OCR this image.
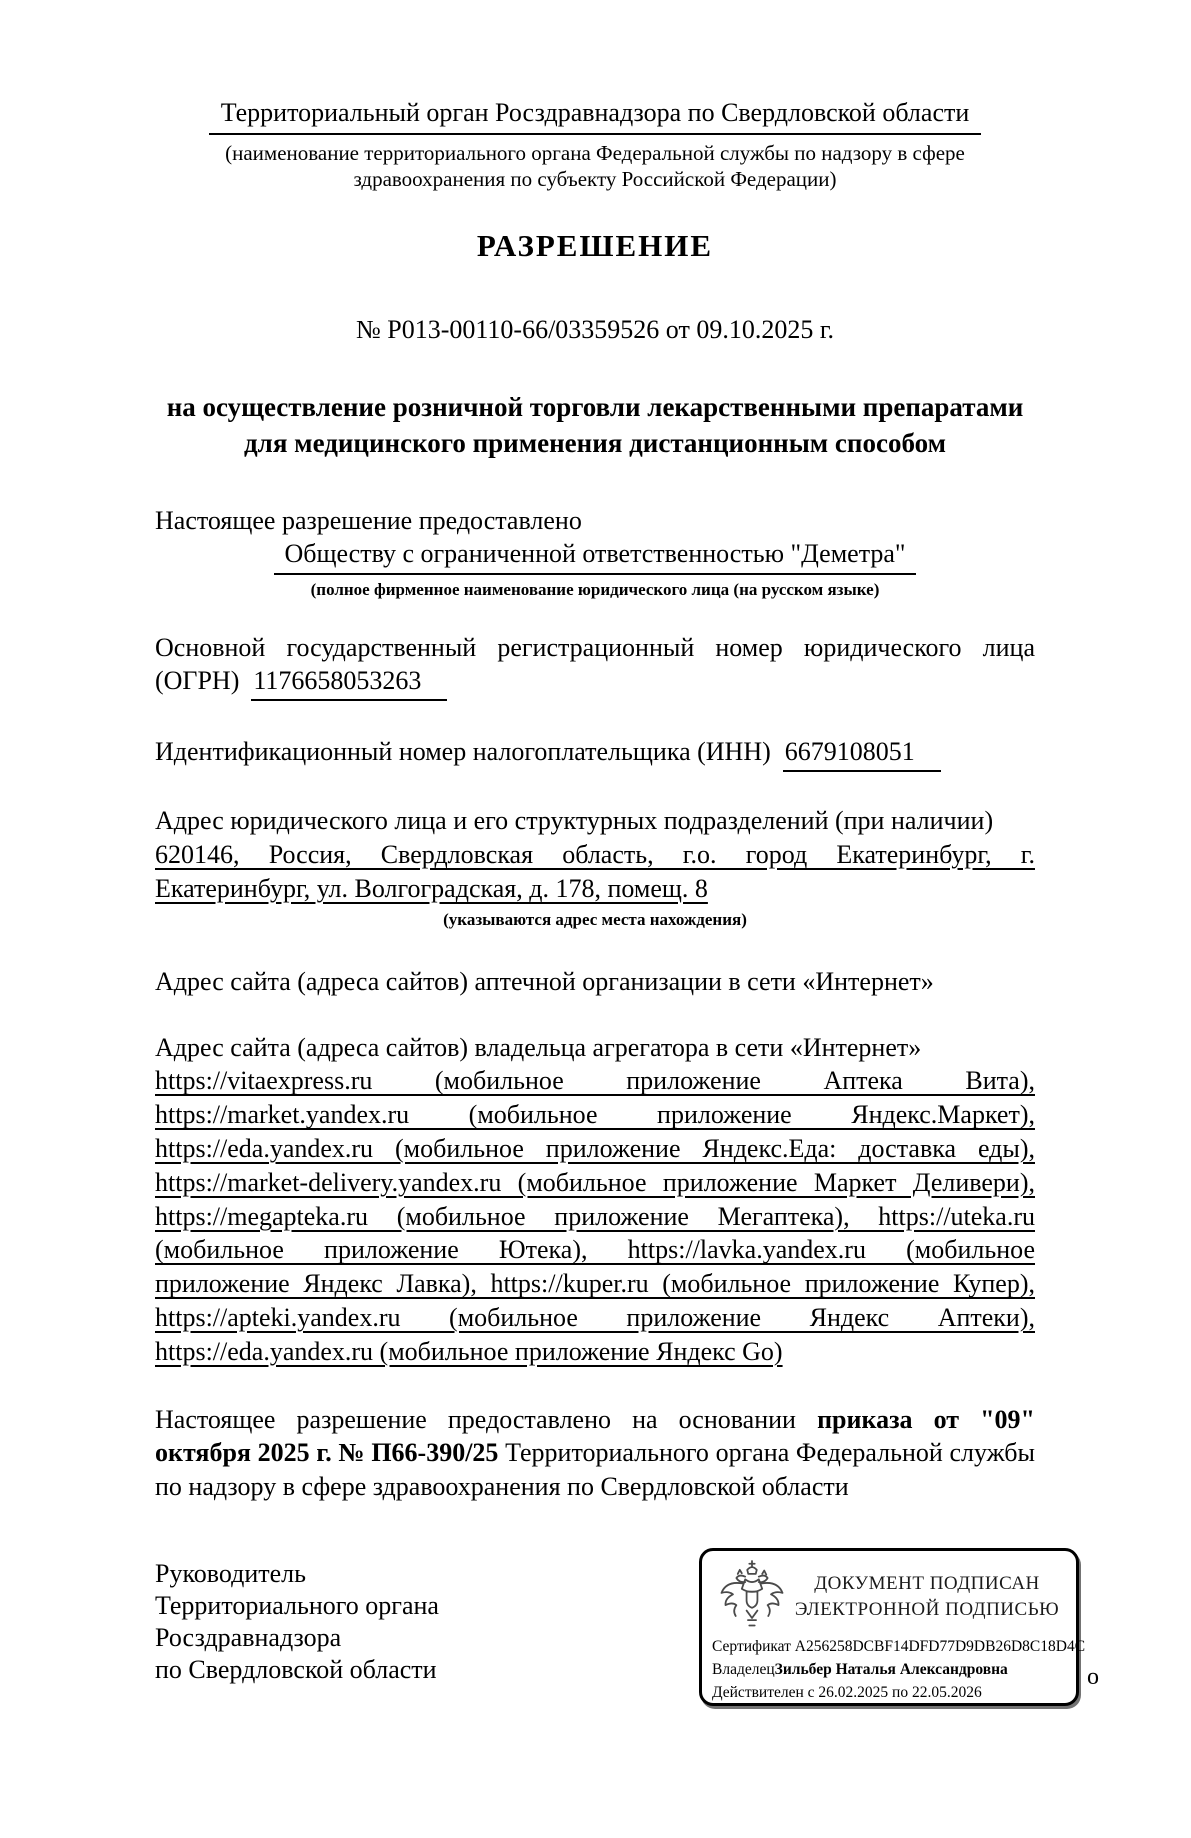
Территориальный орган Росздравнадзора по Свердловской области
(наименование территориального органа Федеральной службы по надзору в сфере здравоохранения по субъекту Российской Федерации)
РАЗРЕШЕНИЕ
№ Р013-00110-66/03359526 от 09.10.2025 г.
на осуществление розничной торговли лекарственными препаратами
для медицинского применения дистанционным способом

Настоящее разрешение предоставлено

Обществу с ограниченной ответственностью "Деметра"
(полное фирменное наименование юридического лица (на русском языке)

Основной государственный регистрационный номер юридического лица
(ОГРН) 1176658053263

Идентификационный номер налогоплательщика (ИНН) 6679108051

Адрес юридического лица и его структурных подразделений (при наличии)

620146, Россия, Свердловская область, г.о. город Екатеринбург, г. Екатеринбург, ул. Волгоградская, д. 178, помещ. 8

(указываются адрес места нахождения)

Адрес сайта (адреса сайтов) аптечной организации в сети «Интернет»

Адрес сайта (адреса сайтов) владельца агрегатора в сети «Интернет»

https://vitaexpress.ru (мобильное приложение Аптека Вита), https://market.yandex.ru (мобильное приложение Яндекс.Маркет), https://eda.yandex.ru (мобильное приложение Яндекс.Еда: доставка еды), https://market-delivery.yandex.ru (мобильное приложение Маркет Деливери), https://megapteka.ru (мобильное приложение Мегаптека), https://uteka.ru (мобильное приложение Ютека), https://lavka.yandex.ru (мобильное приложение Яндекс Лавка), https://kuper.ru (мобильное приложение Купер), https://apteki.yandex.ru (мобильное приложение Яндекс Аптеки), https://eda.yandex.ru (мобильное приложение Яндекс Go)

Настоящее разрешение предоставлено на основании приказа от "09" октября 2025 г. № П66-390/25 Территориального органа Федеральной службы по надзору в сфере здравоохранения по Свердловской области

Руководитель
Территориального органа
Росздравнадзора
по Свердловской области
ДОКУМЕНТ ПОДПИСАН
ЭЛЕКТРОННОЙ ПОДПИСЬЮ
Сертификат A256258DCBF14DFD77D9DB26D8C18D4C
ВладелецЗильбер Наталья Александровна
Действителен с 26.02.2025 по 22.05.2026
о
